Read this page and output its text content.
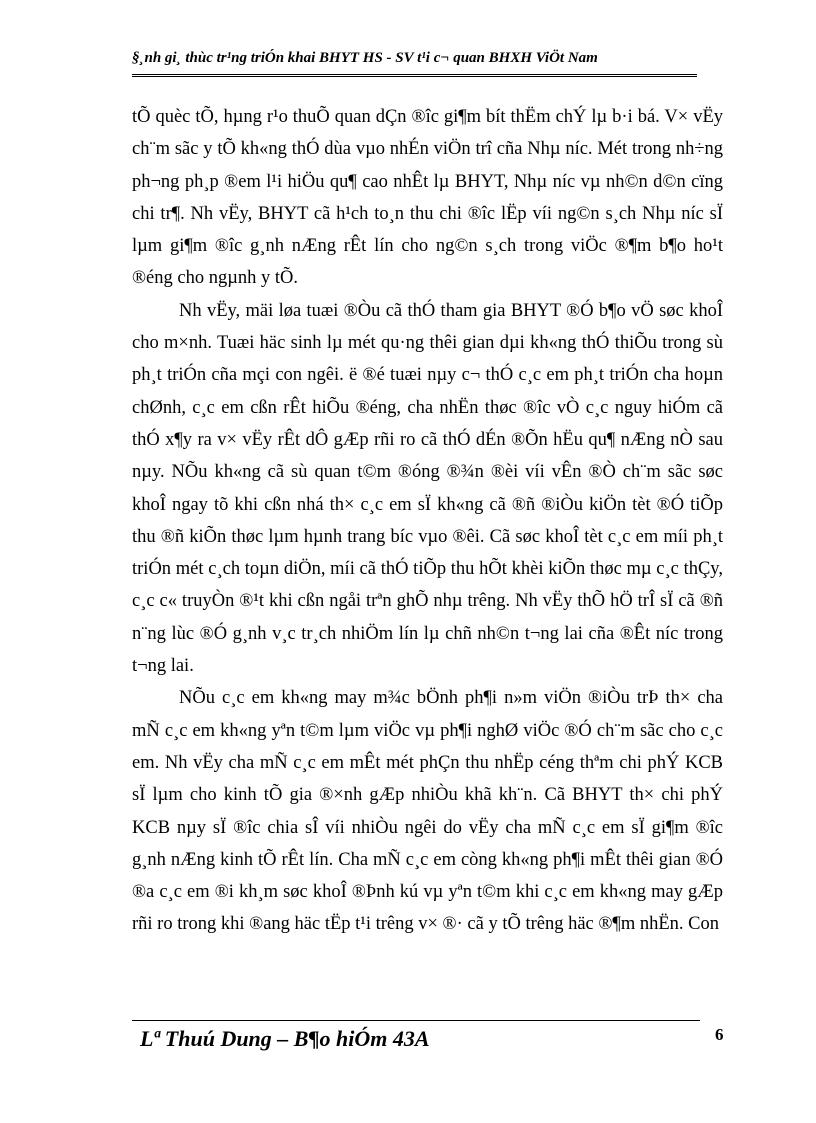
§¸nh gi¸ thùc tr¹ng triÓn khai BHYT HS - SV t¹i c¬ quan BHXH ViÖt Nam

tÕ quèc tÕ, hµng r¹o thuÕ quan dÇn ®îc gi¶m bít thËm chÝ lµ b·i bá. V× vËy ch¨m sãc y tÕ kh«ng thÓ dùa vµo nhÉn viÖn trî cña Nhµ níc. Mét trong nh÷ng ph¬ng ph¸p ®em l¹i hiÖu qu¶ cao nhÊt lµ BHYT, Nhµ níc vµ nh©n d©n cïng chi tr¶. Nh vËy, BHYT cã h¹ch to¸n thu chi ®îc lËp víi ng©n s¸ch Nhµ níc sÏ lµm gi¶m ®îc g¸nh nÆng rÊt lín cho ng©n s¸ch trong viÖc ®¶m b¶o ho¹t ®éng cho ngµnh y tÕ.

Nh vËy, mäi løa tuæi ®Òu cã thÓ tham gia BHYT ®Ó b¶o vÖ søc khoÎ cho m×nh. Tuæi häc sinh lµ mét qu·ng thêi gian dµi kh«ng thÓ thiÕu trong sù ph¸t triÓn cña mçi con ngêi. ë ®é tuæi nµy c¬ thÓ c¸c em ph¸t triÓn cha hoµn chØnh, c¸c em cßn rÊt hiÕu ®éng, cha nhËn thøc ®îc vÒ c¸c nguy hiÓm cã thÓ x¶y ra v× vËy rÊt dÔ gÆp rñi ro cã thÓ dÉn ®Õn hËu qu¶ nÆng nÒ sau nµy. NÕu kh«ng cã sù quan t©m ®óng ®¾n ®èi víi vÊn ®Ò ch¨m sãc søc khoÎ ngay tõ khi cßn nhá th× c¸c em sÏ kh«ng cã ®ñ ®iÒu kiÖn tèt ®Ó tiÕp thu ®ñ kiÕn thøc lµm hµnh trang bíc vµo ®êi. Cã søc khoÎ tèt c¸c em míi ph¸t triÓn mét c¸ch toµn diÖn, míi cã thÓ tiÕp thu hÕt khèi kiÕn thøc mµ c¸c thÇy, c¸c c« truyÒn ®¹t khi cßn ngåi trªn ghÕ nhµ trêng. Nh vËy thÕ hÖ trÎ sÏ cã ®ñ n¨ng lùc ®Ó g¸nh v¸c tr¸ch nhiÖm lín lµ chñ nh©n t¬ng lai cña ®Êt níc trong t¬ng lai.

NÕu c¸c em kh«ng may m¾c bÖnh ph¶i n»m viÖn ®iÒu trÞ th× cha mÑ c¸c em kh«ng yªn t©m lµm viÖc vµ ph¶i nghØ viÖc ®Ó ch¨m sãc cho c¸c em. Nh vËy cha mÑ c¸c em mÊt mét phÇn thu nhËp céng thªm chi phÝ KCB sÏ lµm cho kinh tÕ gia ®×nh gÆp nhiÒu khã kh¨n. Cã BHYT th× chi phÝ KCB nµy sÏ ®îc chia sÎ víi nhiÒu ngêi do vËy cha mÑ c¸c em sÏ gi¶m ®îc g¸nh nÆng kinh tÕ rÊt lín. Cha mÑ c¸c em còng kh«ng ph¶i mÊt thêi gian ®Ó ®a c¸c em ®i kh¸m søc khoÎ ®Þnh kú vµ yªn t©m khi c¸c em kh«ng may gÆp rñi ro trong khi ®ang häc tËp t¹i trêng v× ®· cã y tÕ trêng häc ®¶m nhËn. Con

Lª Thuú Dung – B¶o hiÓm 43A	6
